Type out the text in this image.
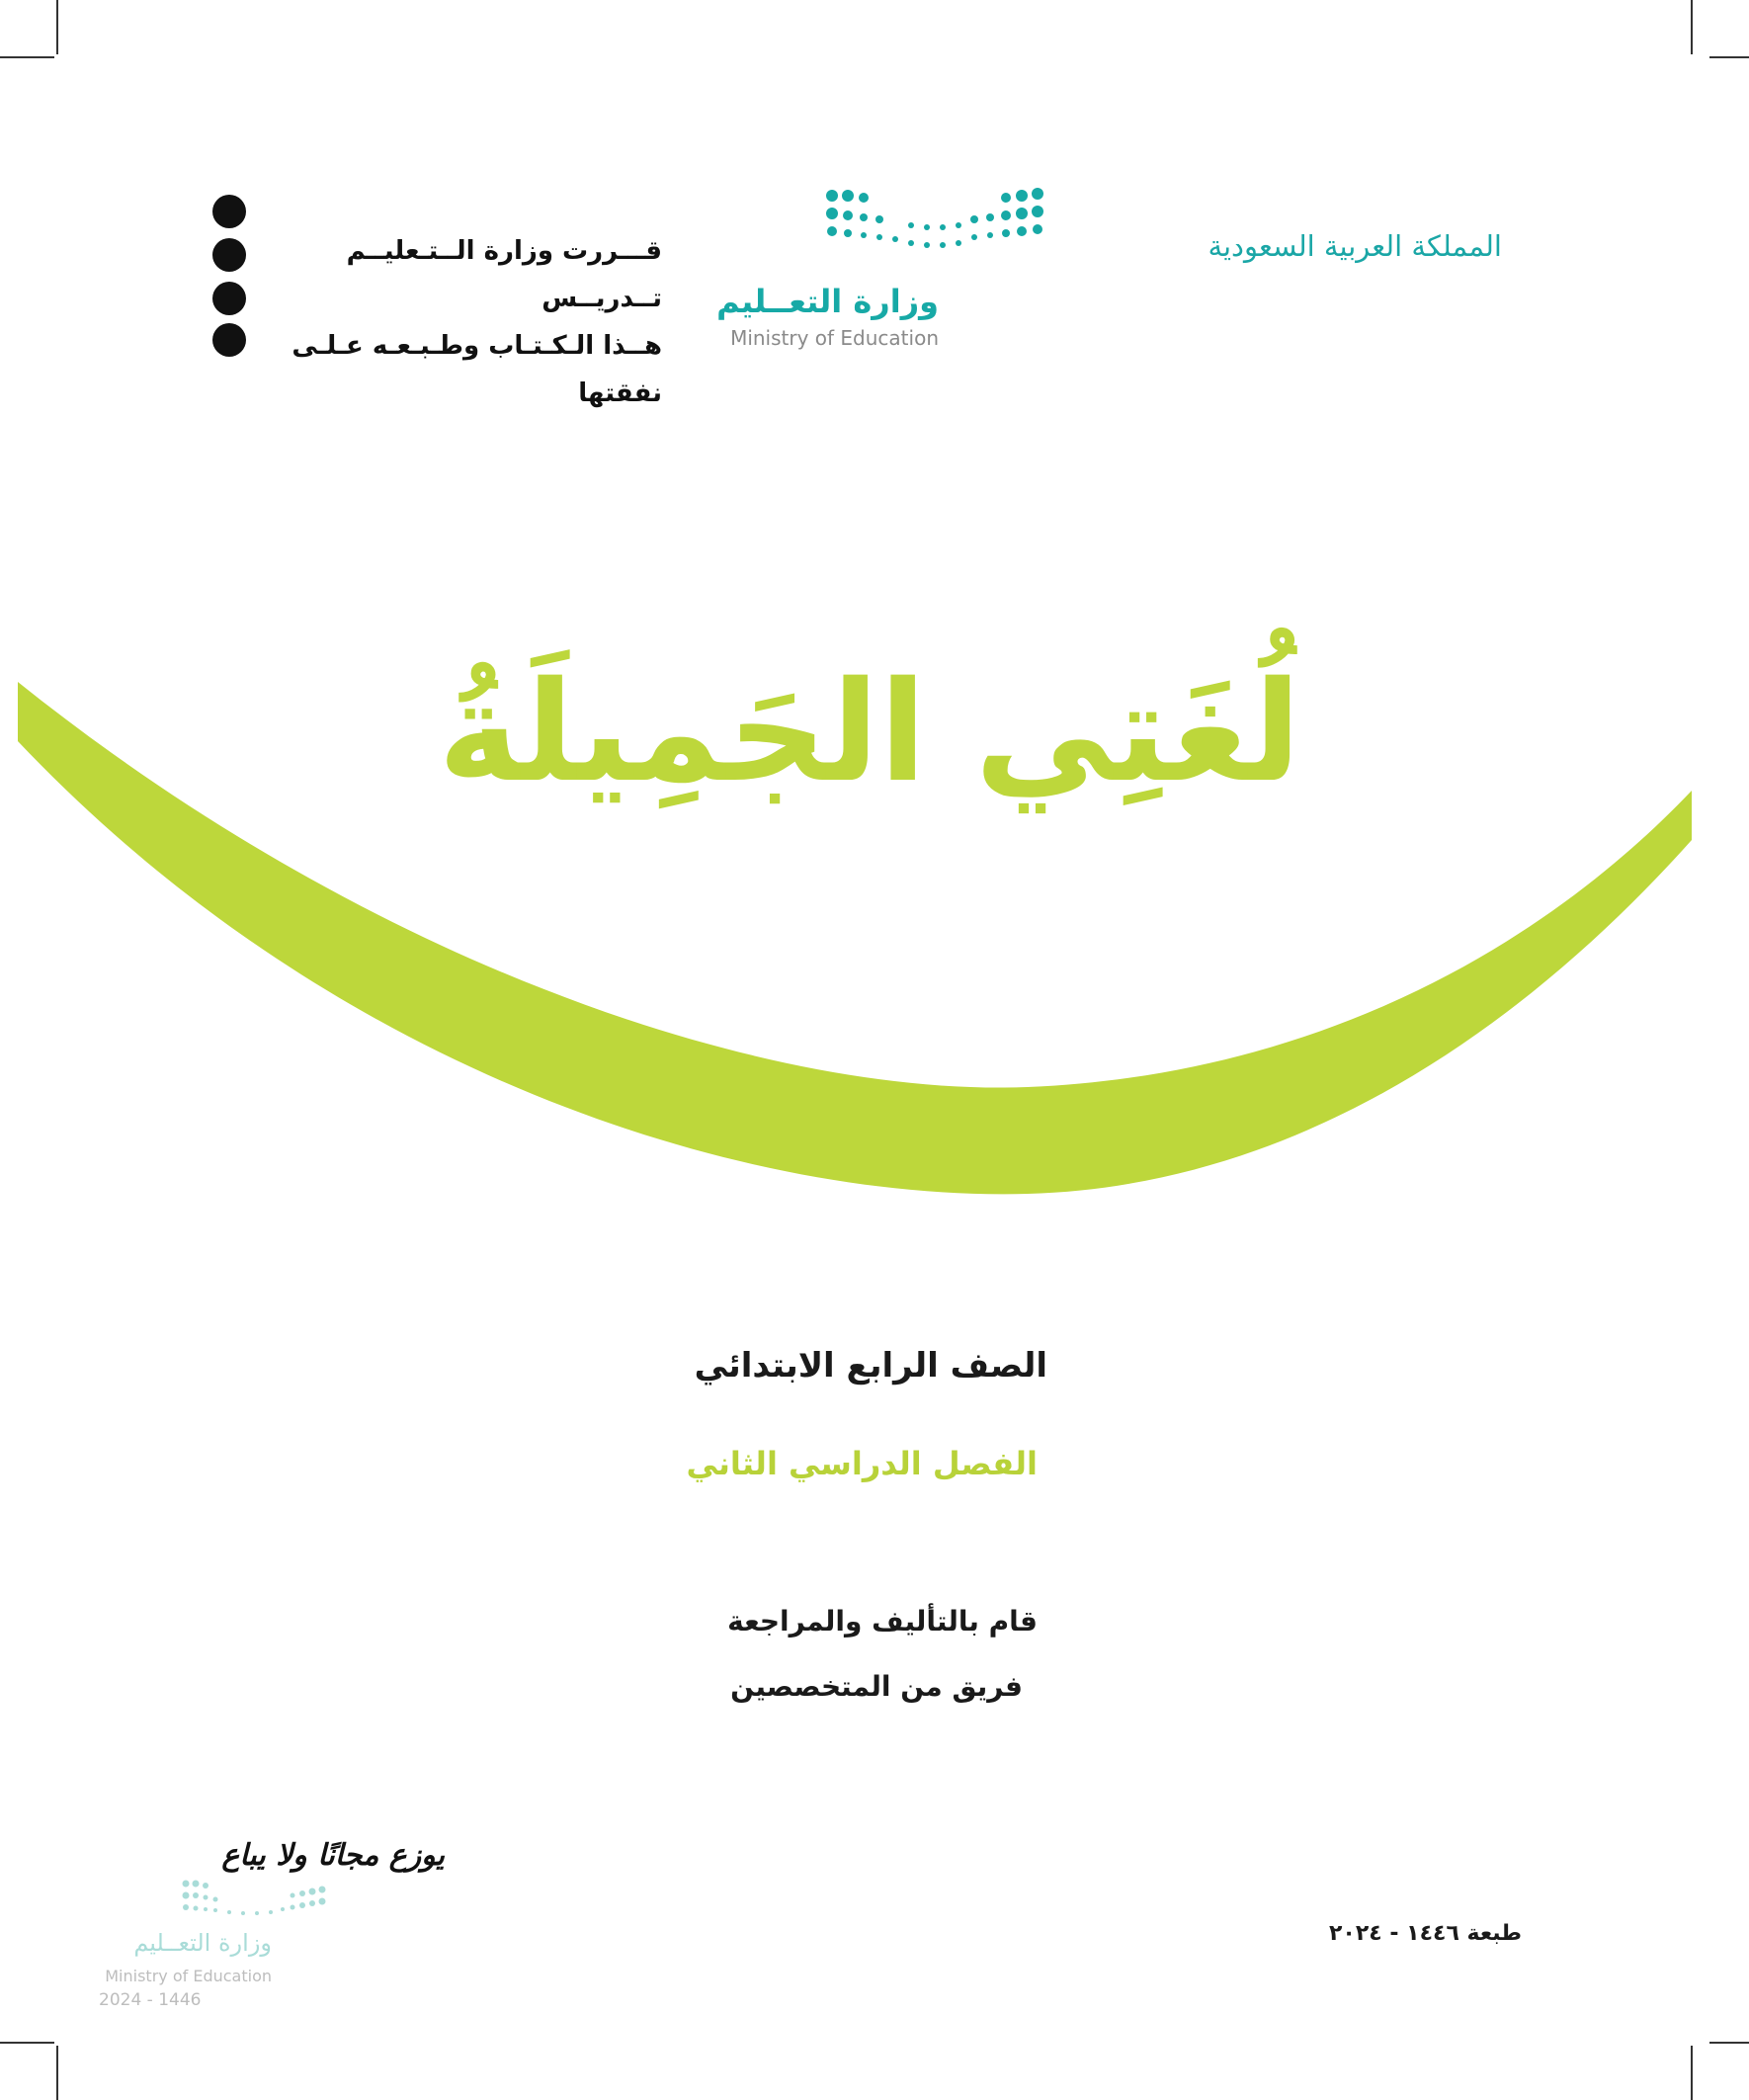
المملكة العربية السعودية
وزارة التعــليم
Ministry of Education
قـــررت وزارة الــتـعليــم تــدريــس
هــذا الـكـتـاب وطـبـعـه عـلـى نفقتها
لُغَتِي الجَمِيلَةُ
الصف الرابع الابتدائي
الفصل الدراسي الثاني
قام بالتأليف والمراجعة
فريق من المتخصصين
طبعة ١٤٤٦ - ٢٠٢٤
يوزع مجانًا ولا يباع
وزارة التعــليم
Ministry of Education
2024 - 1446
